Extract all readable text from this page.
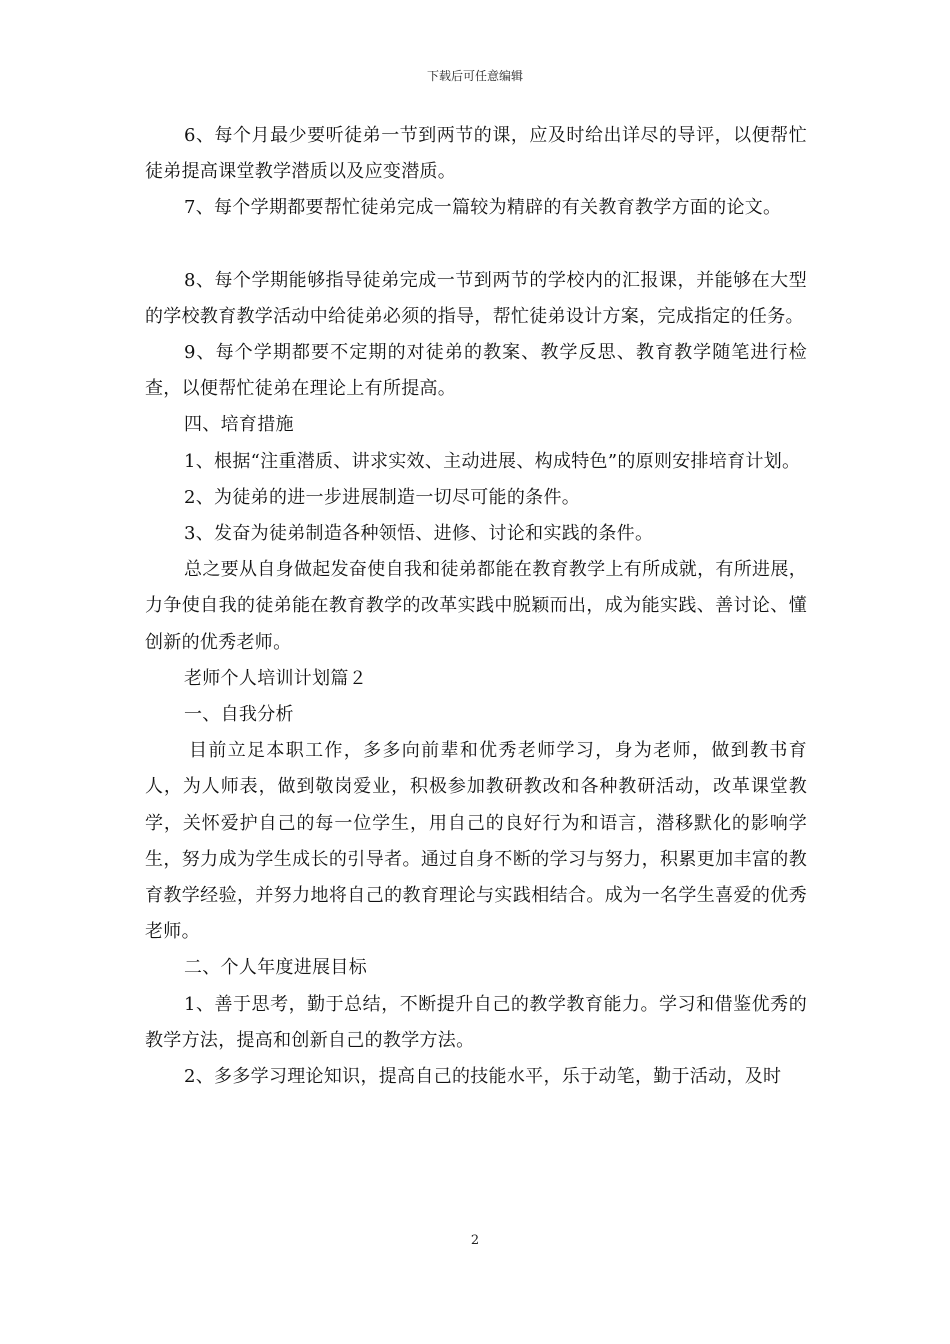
下载后可任意编辑

6、每个月最少要听徒弟一节到两节的课，应及时给出详尽的导评，以便帮忙徒弟提高课堂教学潜质以及应变潜质。

7、每个学期都要帮忙徒弟完成一篇较为精辟的有关教育教学方面的论文。

8、每个学期能够指导徒弟完成一节到两节的学校内的汇报课，并能够在大型的学校教育教学活动中给徒弟必须的指导，帮忙徒弟设计方案，完成指定的任务。

9、每个学期都要不定期的对徒弟的教案、教学反思、教育教学随笔进行检查，以便帮忙徒弟在理论上有所提高。

四、培育措施

1、根据“注重潜质、讲求实效、主动进展、构成特色”的原则安排培育计划。

2、为徒弟的进一步进展制造一切尽可能的条件。

3、发奋为徒弟制造各种领悟、进修、讨论和实践的条件。

总之要从自身做起发奋使自我和徒弟都能在教育教学上有所成就，有所进展，力争使自我的徒弟能在教育教学的改革实践中脱颖而出，成为能实践、善讨论、懂创新的优秀老师。

老师个人培训计划篇２

一、自我分析

目前立足本职工作，多多向前辈和优秀老师学习，身为老师，做到教书育人，为人师表，做到敬岗爱业，积极参加教研教改和各种教研活动，改革课堂教学，关怀爱护自己的每一位学生，用自己的良好行为和语言，潜移默化的影响学生，努力成为学生成长的引导者。通过自身不断的学习与努力，积累更加丰富的教育教学经验，并努力地将自己的教育理论与实践相结合。成为一名学生喜爱的优秀老师。

二、个人年度进展目标

1、善于思考，勤于总结，不断提升自己的教学教育能力。学习和借鉴优秀的教学方法，提高和创新自己的教学方法。

2、多多学习理论知识，提高自己的技能水平，乐于动笔，勤于活动，及时

2
